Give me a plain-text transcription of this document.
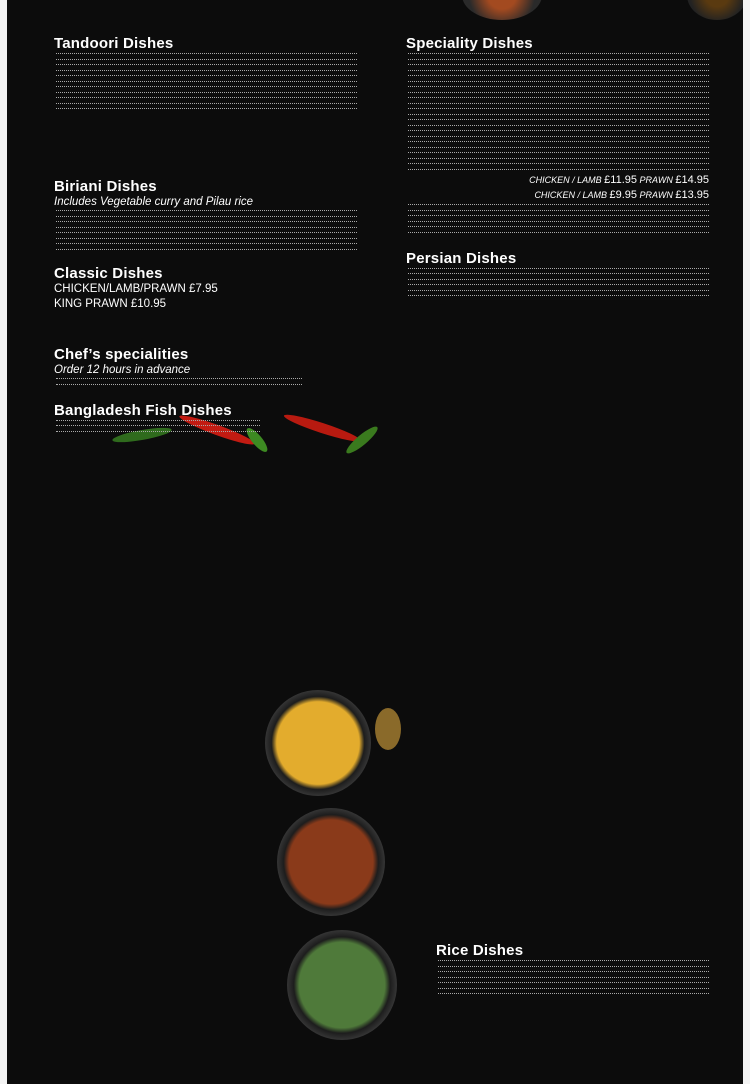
Tandoori Dishes
Biriani Dishes
Includes Vegetable curry and Pilau rice
Classic Dishes
CHICKEN/LAMB/PRAWN £7.95
KING PRAWN £10.95
Chef’s specialities
Order 12 hours in advance
Bangladesh Fish Dishes
Speciality Dishes
CHICKEN / LAMB £11.95 PRAWN £14.95
CHICKEN / LAMB £9.95 PRAWN £13.95
Persian Dishes
Rice Dishes
